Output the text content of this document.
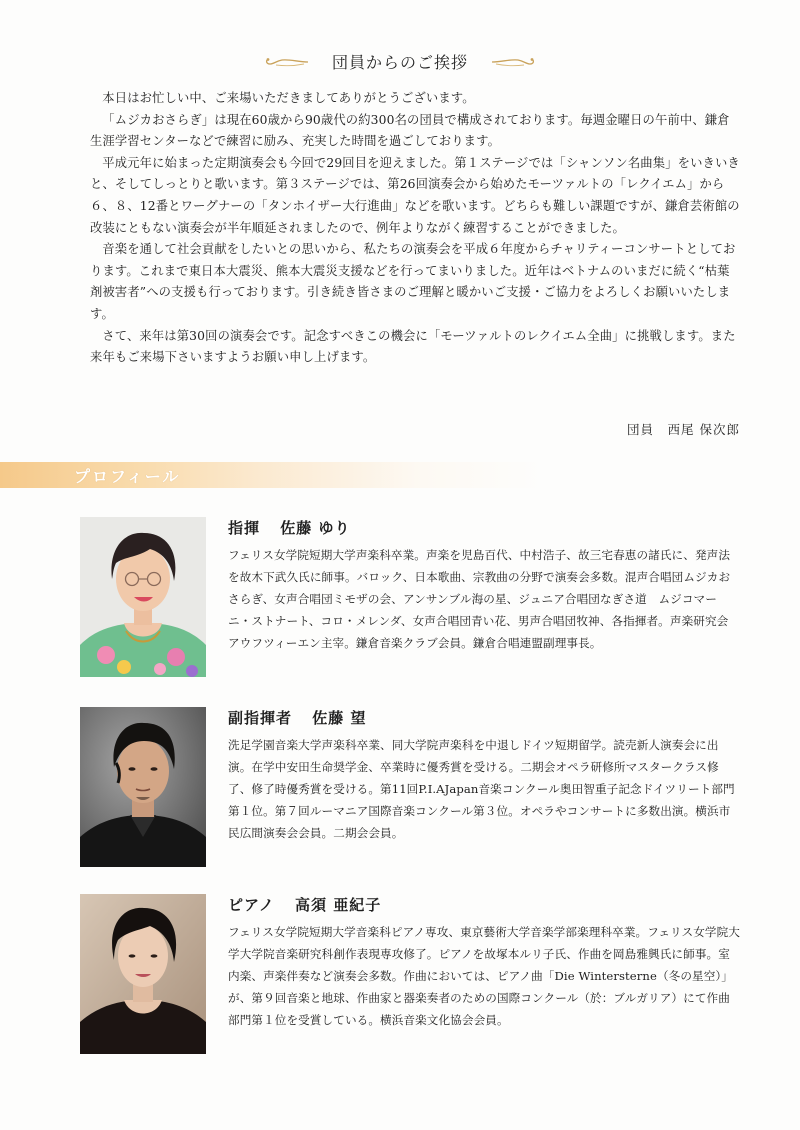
団員からのご挨拶

本日はお忙しい中、ご来場いただきましてありがとうございます。

「ムジカおさらぎ」は現在60歳から90歳代の約300名の団員で構成されております。毎週金曜日の午前中、鎌倉生涯学習センターなどで練習に励み、充実した時間を過ごしております。

平成元年に始まった定期演奏会も今回で29回目を迎えました。第１ステージでは「シャンソン名曲集」をいきいきと、そしてしっとりと歌います。第３ステージでは、第26回演奏会から始めたモーツァルトの「レクイエム」から６、８、12番とワーグナーの「タンホイザー大行進曲」などを歌います。どちらも難しい課題ですが、鎌倉芸術館の改装にともない演奏会が半年順延されましたので、例年よりながく練習することができました。

音楽を通して社会貢献をしたいとの思いから、私たちの演奏会を平成６年度からチャリティーコンサートとしております。これまで東日本大震災、熊本大震災支援などを行ってまいりました。近年はベトナムのいまだに続く“枯葉剤被害者”への支援も行っております。引き続き皆さまのご理解と暖かいご支援・ご協力をよろしくお願いいたします。

さて、来年は第30回の演奏会です。記念すべきこの機会に「モーツァルトのレクイエム全曲」に挑戦します。また来年もご来場下さいますようお願い申し上げます。

団員　西尾 保次郎
プロフィール
指揮 佐藤 ゆり
フェリス女学院短期大学声楽科卒業。声楽を児島百代、中村浩子、故三宅春恵の諸氏に、発声法を故木下武久氏に師事。バロック、日本歌曲、宗教曲の分野で演奏会多数。混声合唱団ムジカおさらぎ、女声合唱団ミモザの会、アンサンブル海の星、ジュニア合唱団なぎさ道　ムジコマーニ・ストナート、コロ・メレンダ、女声合唱団青い花、男声合唱団牧神、各指揮者。声楽研究会アウフツィーエン主宰。鎌倉音楽クラブ会員。鎌倉合唱連盟副理事長。
副指揮者 佐藤 望
洗足学園音楽大学声楽科卒業、同大学院声楽科を中退しドイツ短期留学。読売新人演奏会に出演。在学中安田生命奨学金、卒業時に優秀賞を受ける。二期会オペラ研修所マスタークラス修了、修了時優秀賞を受ける。第11回P.I.AJapan音楽コンクール奥田智重子記念ドイツリート部門第１位。第７回ルーマニア国際音楽コンクール第３位。オペラやコンサートに多数出演。横浜市民広間演奏会会員。二期会会員。
ピアノ 高須 亜紀子
フェリス女学院短期大学音楽科ピアノ専攻、東京藝術大学音楽学部楽理科卒業。フェリス女学院大学大学院音楽研究科創作表現専攻修了。ピアノを故塚本ルリ子氏、作曲を岡島雅興氏に師事。室内楽、声楽伴奏など演奏会多数。作曲においては、ピアノ曲「Die Wintersterne（冬の星空）」が、第９回音楽と地球、作曲家と器楽奏者のための国際コンクール（於：ブルガリア）にて作曲部門第１位を受賞している。横浜音楽文化協会会員。
